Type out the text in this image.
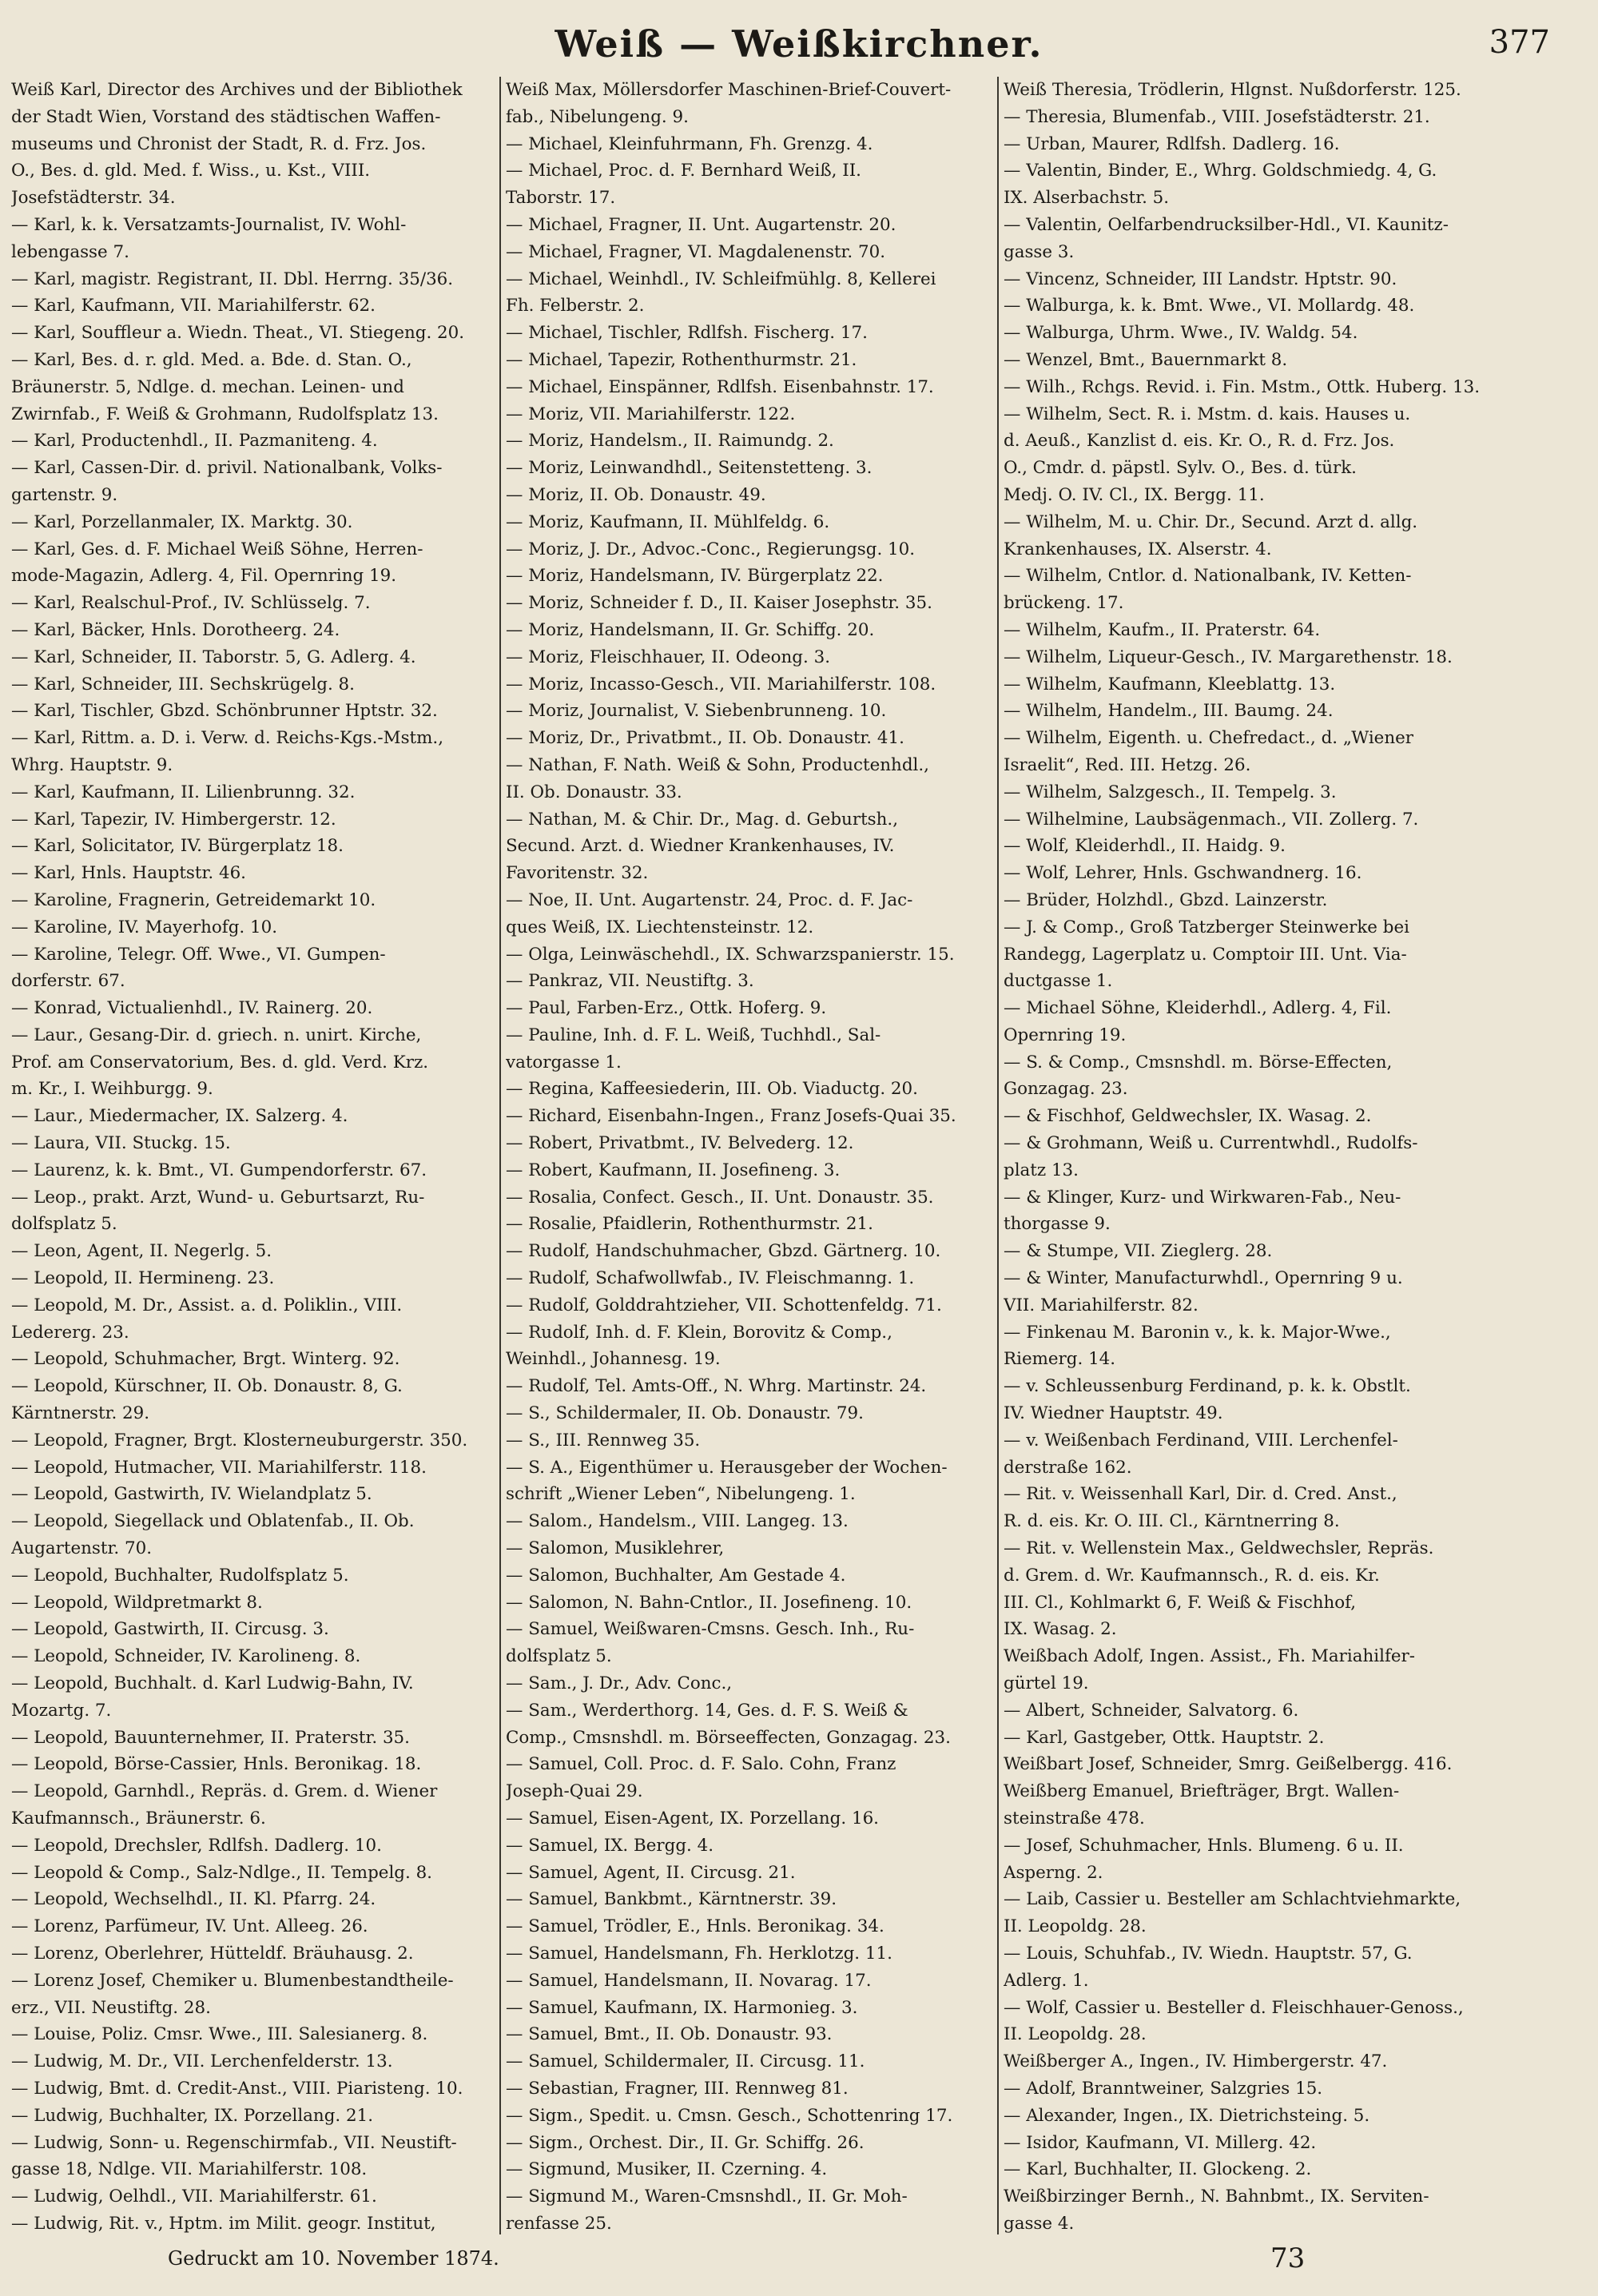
Weiß — Weißkirchner.	377
Weiß Karl, Director des Archives und der Bibliothek
der Stadt Wien, Vorstand des städtischen Waffen-
museums und Chronist der Stadt, R. d. Frz. Jos.
O., Bes. d. gld. Med. f. Wiss., u. Kst., VIII.
Josefstädterstr. 34.
— Karl, k. k. Versatzamts-Journalist, IV. Wohl-
lebengasse 7.
— Karl, magistr. Registrant, II. Dbl. Herrng. 35/36.
— Karl, Kaufmann, VII. Mariahilferstr. 62.
— Karl, Souffleur a. Wiedn. Theat., VI. Stiegeng. 20.
— Karl, Bes. d. r. gld. Med. a. Bde. d. Stan. O.,
Bräunerstr. 5, Ndlge. d. mechan. Leinen- und
Zwirnfab., F. Weiß & Grohmann, Rudolfsplatz 13.
— Karl, Productenhdl., II. Pazmaniteng. 4.
— Karl, Cassen-Dir. d. privil. Nationalbank, Volks-
gartenstr. 9.
— Karl, Porzellanmaler, IX. Marktg. 30.
— Karl, Ges. d. F. Michael Weiß Söhne, Herren-
mode-Magazin, Adlerg. 4, Fil. Opernring 19.
— Karl, Realschul-Prof., IV. Schlüsselg. 7.
— Karl, Bäcker, Hnls. Dorotheerg. 24.
— Karl, Schneider, II. Taborstr. 5, G. Adlerg. 4.
— Karl, Schneider, III. Sechskrügelg. 8.
— Karl, Tischler, Gbzd. Schönbrunner Hptstr. 32.
— Karl, Rittm. a. D. i. Verw. d. Reichs-Kgs.-Mstm.,
Whrg. Hauptstr. 9.
— Karl, Kaufmann, II. Lilienbrunng. 32.
— Karl, Tapezir, IV. Himbergerstr. 12.
— Karl, Solicitator, IV. Bürgerplatz 18.
— Karl, Hnls. Hauptstr. 46.
— Karoline, Fragnerin, Getreidemarkt 10.
— Karoline, IV. Mayerhofg. 10.
— Karoline, Telegr. Off. Wwe., VI. Gumpen-
dorferstr. 67.
— Konrad, Victualienhdl., IV. Rainerg. 20.
— Laur., Gesang-Dir. d. griech. n. unirt. Kirche,
Prof. am Conservatorium, Bes. d. gld. Verd. Krz.
m. Kr., I. Weihburgg. 9.
— Laur., Miedermacher, IX. Salzerg. 4.
— Laura, VII. Stuckg. 15.
— Laurenz, k. k. Bmt., VI. Gumpendorferstr. 67.
— Leop., prakt. Arzt, Wund- u. Geburtsarzt, Ru-
dolfsplatz 5.
— Leon, Agent, II. Negerlg. 5.
— Leopold, II. Hermineng. 23.
— Leopold, M. Dr., Assist. a. d. Poliklin., VIII.
Ledererg. 23.
— Leopold, Schuhmacher, Brgt. Winterg. 92.
— Leopold, Kürschner, II. Ob. Donaustr. 8, G.
Kärntnerstr. 29.
— Leopold, Fragner, Brgt. Klosterneuburgerstr. 350.
— Leopold, Hutmacher, VII. Mariahilferstr. 118.
— Leopold, Gastwirth, IV. Wielandplatz 5.
— Leopold, Siegellack und Oblatenfab., II. Ob.
Augartenstr. 70.
— Leopold, Buchhalter, Rudolfsplatz 5.
— Leopold, Wildpretmarkt 8.
— Leopold, Gastwirth, II. Circusg. 3.
— Leopold, Schneider, IV. Karolineng. 8.
— Leopold, Buchhalt. d. Karl Ludwig-Bahn, IV.
Mozartg. 7.
— Leopold, Bauunternehmer, II. Praterstr. 35.
— Leopold, Börse-Cassier, Hnls. Beronikag. 18.
— Leopold, Garnhdl., Repräs. d. Grem. d. Wiener
Kaufmannsch., Bräunerstr. 6.
— Leopold, Drechsler, Rdlfsh. Dadlerg. 10.
— Leopold & Comp., Salz-Ndlge., II. Tempelg. 8.
— Leopold, Wechselhdl., II. Kl. Pfarrg. 24.
— Lorenz, Parfümeur, IV. Unt. Alleeg. 26.
— Lorenz, Oberlehrer, Hütteldf. Bräuhausg. 2.
— Lorenz Josef, Chemiker u. Blumenbestandtheile-
erz., VII. Neustiftg. 28.
— Louise, Poliz. Cmsr. Wwe., III. Salesianerg. 8.
— Ludwig, M. Dr., VII. Lerchenfelderstr. 13.
— Ludwig, Bmt. d. Credit-Anst., VIII. Piaristeng. 10.
— Ludwig, Buchhalter, IX. Porzellang. 21.
— Ludwig, Sonn- u. Regenschirmfab., VII. Neustift-
gasse 18, Ndlge. VII. Mariahilferstr. 108.
— Ludwig, Oelhdl., VII. Mariahilferstr. 61.
— Ludwig, Rit. v., Hptm. im Milit. geogr. Institut,
Weiß Max, Möllersdorfer Maschinen-Brief-Couvert-
fab., Nibelungeng. 9.
— Michael, Kleinfuhrmann, Fh. Grenzg. 4.
— Michael, Proc. d. F. Bernhard Weiß, II.
Taborstr. 17.
— Michael, Fragner, II. Unt. Augartenstr. 20.
— Michael, Fragner, VI. Magdalenenstr. 70.
— Michael, Weinhdl., IV. Schleifmühlg. 8, Kellerei
Fh. Felberstr. 2.
— Michael, Tischler, Rdlfsh. Fischerg. 17.
— Michael, Tapezir, Rothenthurmstr. 21.
— Michael, Einspänner, Rdlfsh. Eisenbahnstr. 17.
— Moriz, VII. Mariahilferstr. 122.
— Moriz, Handelsm., II. Raimundg. 2.
— Moriz, Leinwandhdl., Seitenstetteng. 3.
— Moriz, II. Ob. Donaustr. 49.
— Moriz, Kaufmann, II. Mühlfeldg. 6.
— Moriz, J. Dr., Advoc.-Conc., Regierungsg. 10.
— Moriz, Handelsmann, IV. Bürgerplatz 22.
— Moriz, Schneider f. D., II. Kaiser Josephstr. 35.
— Moriz, Handelsmann, II. Gr. Schiffg. 20.
— Moriz, Fleischhauer, II. Odeong. 3.
— Moriz, Incasso-Gesch., VII. Mariahilferstr. 108.
— Moriz, Journalist, V. Siebenbrunneng. 10.
— Moriz, Dr., Privatbmt., II. Ob. Donaustr. 41.
— Nathan, F. Nath. Weiß & Sohn, Productenhdl.,
II. Ob. Donaustr. 33.
— Nathan, M. & Chir. Dr., Mag. d. Geburtsh.,
Secund. Arzt. d. Wiedner Krankenhauses, IV.
Favoritenstr. 32.
— Noe, II. Unt. Augartenstr. 24, Proc. d. F. Jac-
ques Weiß, IX. Liechtensteinstr. 12.
— Olga, Leinwäschehdl., IX. Schwarzspanierstr. 15.
— Pankraz, VII. Neustiftg. 3.
— Paul, Farben-Erz., Ottk. Hoferg. 9.
— Pauline, Inh. d. F. L. Weiß, Tuchhdl., Sal-
vatorgasse 1.
— Regina, Kaffeesiederin, III. Ob. Viaductg. 20.
— Richard, Eisenbahn-Ingen., Franz Josefs-Quai 35.
— Robert, Privatbmt., IV. Belvederg. 12.
— Robert, Kaufmann, II. Josefineng. 3.
— Rosalia, Confect. Gesch., II. Unt. Donaustr. 35.
— Rosalie, Pfaidlerin, Rothenthurmstr. 21.
— Rudolf, Handschuhmacher, Gbzd. Gärtnerg. 10.
— Rudolf, Schafwollwfab., IV. Fleischmanng. 1.
— Rudolf, Golddrahtzieher, VII. Schottenfeldg. 71.
— Rudolf, Inh. d. F. Klein, Borovitz & Comp.,
Weinhdl., Johannesg. 19.
— Rudolf, Tel. Amts-Off., N. Whrg. Martinstr. 24.
— S., Schildermaler, II. Ob. Donaustr. 79.
— S., III. Rennweg 35.
— S. A., Eigenthümer u. Herausgeber der Wochen-
schrift „Wiener Leben“, Nibelungeng. 1.
— Salom., Handelsm., VIII. Langeg. 13.
— Salomon, Musiklehrer,
— Salomon, Buchhalter, Am Gestade 4.
— Salomon, N. Bahn-Cntlor., II. Josefineng. 10.
— Samuel, Weißwaren-Cmsns. Gesch. Inh., Ru-
dolfsplatz 5.
— Sam., J. Dr., Adv. Conc.,
— Sam., Werderthorg. 14, Ges. d. F. S. Weiß &
Comp., Cmsnshdl. m. Börseeffecten, Gonzagag. 23.
— Samuel, Coll. Proc. d. F. Salo. Cohn, Franz
Joseph-Quai 29.
— Samuel, Eisen-Agent, IX. Porzellang. 16.
— Samuel, IX. Bergg. 4.
— Samuel, Agent, II. Circusg. 21.
— Samuel, Bankbmt., Kärntnerstr. 39.
— Samuel, Trödler, E., Hnls. Beronikag. 34.
— Samuel, Handelsmann, Fh. Herklotzg. 11.
— Samuel, Handelsmann, II. Novarag. 17.
— Samuel, Kaufmann, IX. Harmonieg. 3.
— Samuel, Bmt., II. Ob. Donaustr. 93.
— Samuel, Schildermaler, II. Circusg. 11.
— Sebastian, Fragner, III. Rennweg 81.
— Sigm., Spedit. u. Cmsn. Gesch., Schottenring 17.
— Sigm., Orchest. Dir., II. Gr. Schiffg. 26.
— Sigmund, Musiker, II. Czerning. 4.
— Sigmund M., Waren-Cmsnshdl., II. Gr. Moh-
renfasse 25.
Weiß Theresia, Trödlerin, Hlgnst. Nußdorferstr. 125.
— Theresia, Blumenfab., VIII. Josefstädterstr. 21.
— Urban, Maurer, Rdlfsh. Dadlerg. 16.
— Valentin, Binder, E., Whrg. Goldschmiedg. 4, G.
IX. Alserbachstr. 5.
— Valentin, Oelfarbendrucksilber-Hdl., VI. Kaunitz-
gasse 3.
— Vincenz, Schneider, III Landstr. Hptstr. 90.
— Walburga, k. k. Bmt. Wwe., VI. Mollardg. 48.
— Walburga, Uhrm. Wwe., IV. Waldg. 54.
— Wenzel, Bmt., Bauernmarkt 8.
— Wilh., Rchgs. Revid. i. Fin. Mstm., Ottk. Huberg. 13.
— Wilhelm, Sect. R. i. Mstm. d. kais. Hauses u.
d. Aeuß., Kanzlist d. eis. Kr. O., R. d. Frz. Jos.
O., Cmdr. d. päpstl. Sylv. O., Bes. d. türk.
Medj. O. IV. Cl., IX. Bergg. 11.
— Wilhelm, M. u. Chir. Dr., Secund. Arzt d. allg.
Krankenhauses, IX. Alserstr. 4.
— Wilhelm, Cntlor. d. Nationalbank, IV. Ketten-
brückeng. 17.
— Wilhelm, Kaufm., II. Praterstr. 64.
— Wilhelm, Liqueur-Gesch., IV. Margarethenstr. 18.
— Wilhelm, Kaufmann, Kleeblattg. 13.
— Wilhelm, Handelm., III. Baumg. 24.
— Wilhelm, Eigenth. u. Chefredact., d. „Wiener
Israelit“, Red. III. Hetzg. 26.
— Wilhelm, Salzgesch., II. Tempelg. 3.
— Wilhelmine, Laubsägenmach., VII. Zollerg. 7.
— Wolf, Kleiderhdl., II. Haidg. 9.
— Wolf, Lehrer, Hnls. Gschwandnerg. 16.
— Brüder, Holzhdl., Gbzd. Lainzerstr.
— J. & Comp., Groß Tatzberger Steinwerke bei
Randegg, Lagerplatz u. Comptoir III. Unt. Via-
ductgasse 1.
— Michael Söhne, Kleiderhdl., Adlerg. 4, Fil.
Opernring 19.
— S. & Comp., Cmsnshdl. m. Börse-Effecten,
Gonzagag. 23.
— & Fischhof, Geldwechsler, IX. Wasag. 2.
— & Grohmann, Weiß u. Currentwhdl., Rudolfs-
platz 13.
— & Klinger, Kurz- und Wirkwaren-Fab., Neu-
thorgasse 9.
— & Stumpe, VII. Zieglerg. 28.
— & Winter, Manufacturwhdl., Opernring 9 u.
VII. Mariahilferstr. 82.
— Finkenau M. Baronin v., k. k. Major-Wwe.,
Riemerg. 14.
— v. Schleussenburg Ferdinand, p. k. k. Obstlt.
IV. Wiedner Hauptstr. 49.
— v. Weißenbach Ferdinand, VIII. Lerchenfel-
derstraße 162.
— Rit. v. Weissenhall Karl, Dir. d. Cred. Anst.,
R. d. eis. Kr. O. III. Cl., Kärntnerring 8.
— Rit. v. Wellenstein Max., Geldwechsler, Repräs.
d. Grem. d. Wr. Kaufmannsch., R. d. eis. Kr.
III. Cl., Kohlmarkt 6, F. Weiß & Fischhof,
IX. Wasag. 2.
Weißbach Adolf, Ingen. Assist., Fh. Mariahilfer-
gürtel 19.
— Albert, Schneider, Salvatorg. 6.
— Karl, Gastgeber, Ottk. Hauptstr. 2.
Weißbart Josef, Schneider, Smrg. Geißelbergg. 416.
Weißberg Emanuel, Briefträger, Brgt. Wallen-
steinstraße 478.
— Josef, Schuhmacher, Hnls. Blumeng. 6 u. II.
Asperng. 2.
— Laib, Cassier u. Besteller am Schlachtviehmarkte,
II. Leopoldg. 28.
— Louis, Schuhfab., IV. Wiedn. Hauptstr. 57, G.
Adlerg. 1.
— Wolf, Cassier u. Besteller d. Fleischhauer-Genoss.,
II. Leopoldg. 28.
Weißberger A., Ingen., IV. Himbergerstr. 47.
— Adolf, Branntweiner, Salzgries 15.
— Alexander, Ingen., IX. Dietrichsteing. 5.
— Isidor, Kaufmann, VI. Millerg. 42.
— Karl, Buchhalter, II. Glockeng. 2.
Weißbirzinger Bernh., N. Bahnbmt., IX. Serviten-
gasse 4.
Gedruckt am 10. November 1874.	73
